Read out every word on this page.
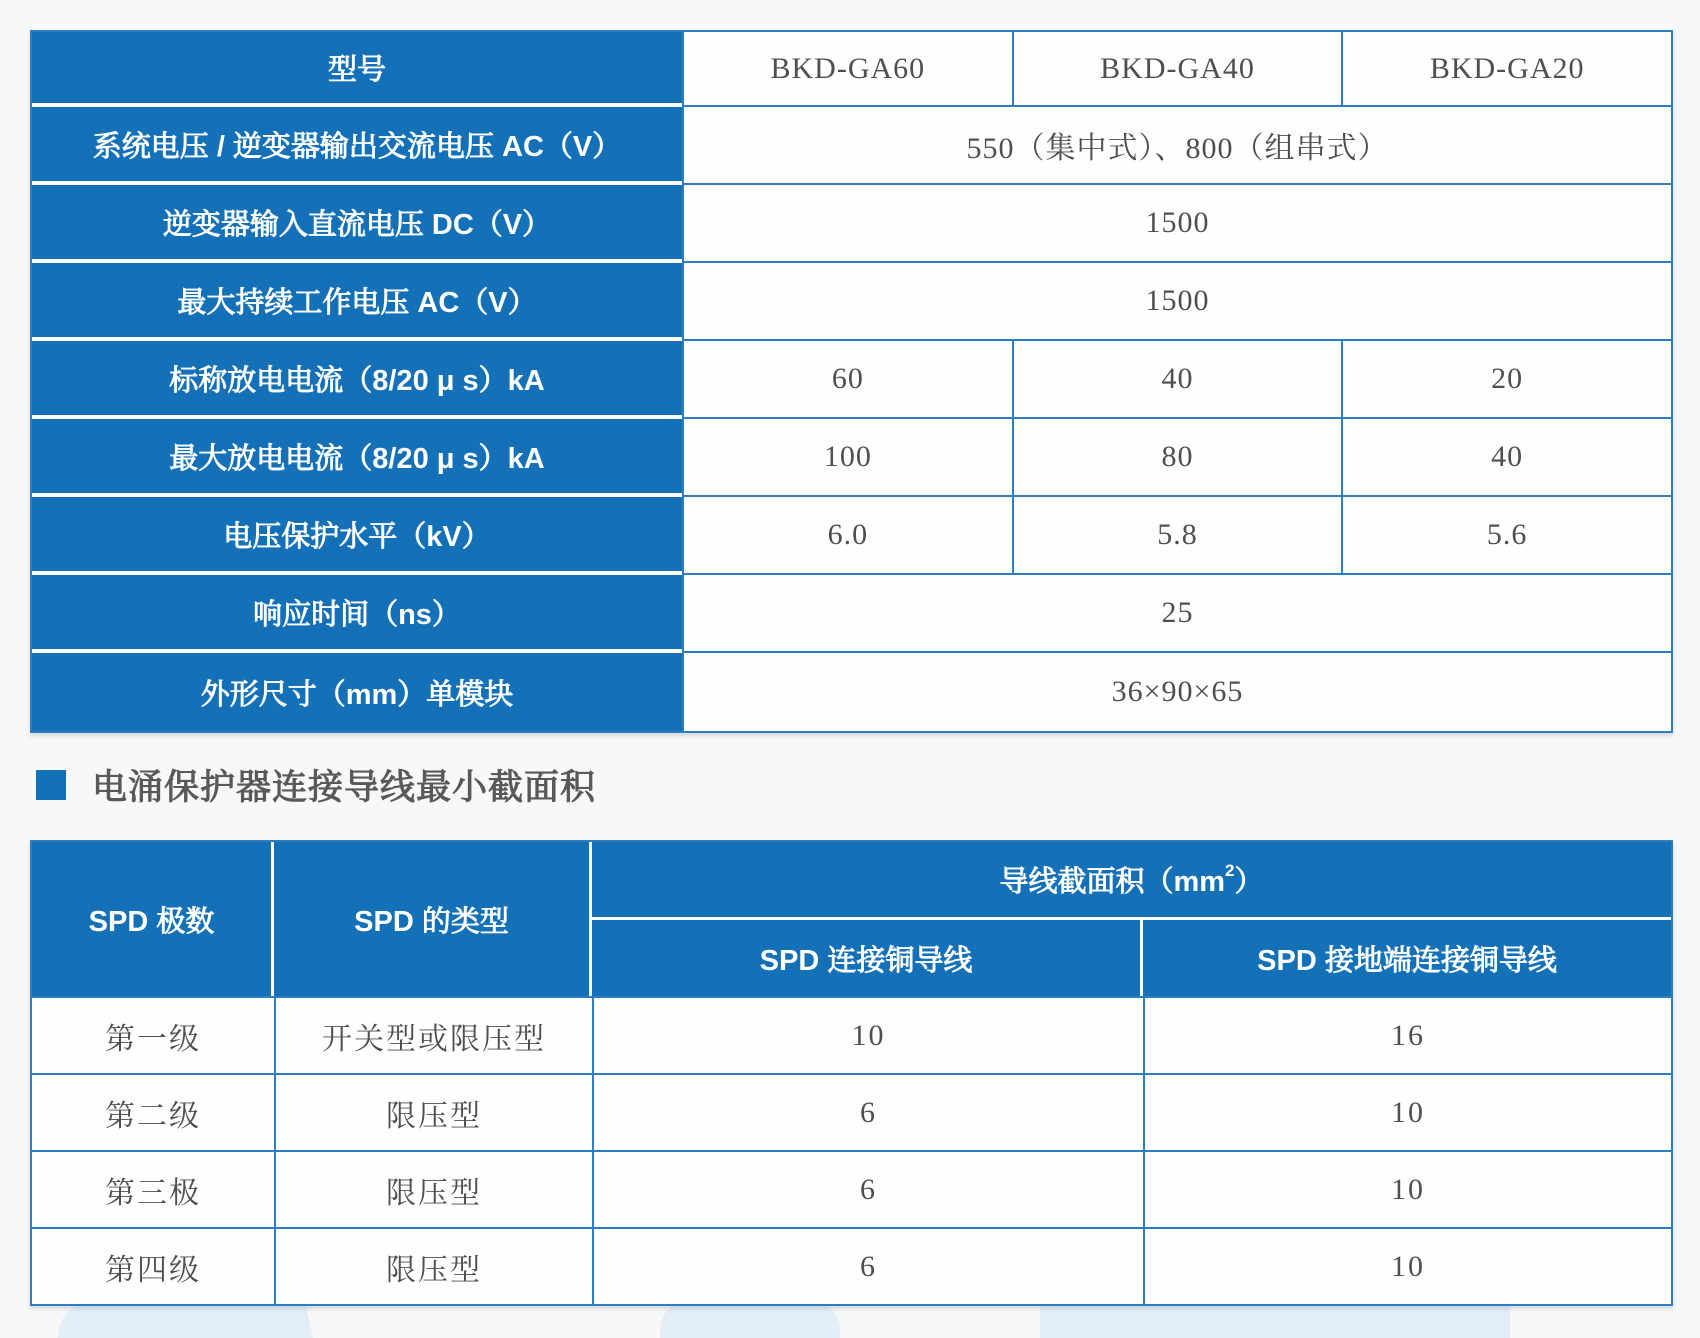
型号	BKD-GA60	BKD-GA40	BKD-GA20
系统电压 / 逆变器输出交流电压 AC（V）	550（集中式）、800（组串式）
逆变器输入直流电压 DC（V）	1500
最大持续工作电压 AC（V）	1500
标称放电电流（8/20 μ s）kA	60	40	20
最大放电电流（8/20 μ s）kA	100	80	40
电压保护水平（kV）	6.0	5.8	5.6
响应时间（ns）	25
外形尺寸（mm）单模块	36×90×65
电涌保护器连接导线最小截面积
SPD 极数	SPD 的类型
导线截面积（$mm^2$ ）
SPD 连接铜导线	SPD 接地端连接铜导线
第一级	开关型或限压型	10	16
第二级	限压型	6	10
第三极	限压型	6	10
第四级	限压型	6	10
